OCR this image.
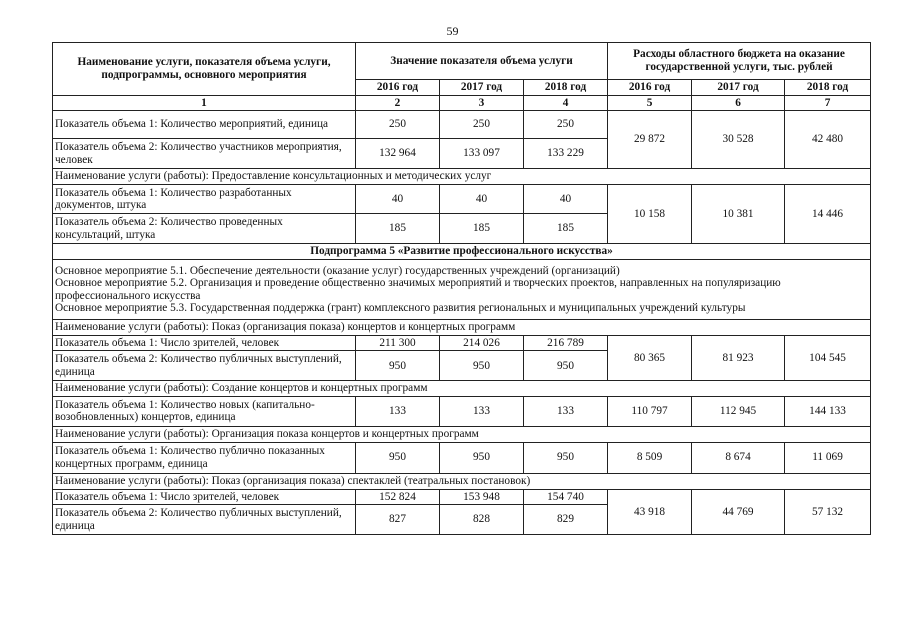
59
Наименование услуги, показателя объема услуги, подпрограммы, основного мероприятия	Значение показателя объема услуги			Расходы областного бюджета на оказание государственной услуги, тыс. рублей		
	2016 год	2017 год	2018 год	2016 год	2017 год	2018 год
1	2	3	4	5	6	7
Показатель объема 1: Количество мероприятий, единица	250	250	250	29 872	30 528	42 480
Показатель объема 2: Количество участников мероприятия, человек	132 964	133 097	133 229			
Наименование услуги (работы): Предоставление консультационных и методических услуг						
Показатель объема 1: Количество разработанных документов, штука	40	40	40	10 158	10 381	14 446
Показатель объема 2: Количество проведенных консультаций, штука	185	185	185			
Подпрограмма 5 «Развитие профессионального искусства»						
Основное мероприятие 5.1. Обеспечение деятельности (оказание услуг) государственных учреждений (организаций)
Основное мероприятие 5.2. Организация и проведение общественно значимых мероприятий и творческих проектов, направленных на популяризацию профессионального искусства
Основное мероприятие 5.3. Государственная поддержка (грант) комплексного развития региональных и муниципальных учреждений культуры						
Наименование услуги (работы): Показ (организация показа) концертов и концертных программ						
Показатель объема 1: Число зрителей, человек	211 300	214 026	216 789	80 365	81 923	104 545
Показатель объема 2: Количество публичных выступлений, единица	950	950	950			
Наименование услуги (работы): Создание концертов и концертных программ						
Показатель объема 1: Количество новых (капитально-возобновленных) концертов, единица	133	133	133	110 797	112 945	144 133
Наименование услуги (работы): Организация показа концертов и концертных программ						
Показатель объема 1: Количество публично показанных концертных программ, единица	950	950	950	8 509	8 674	11 069
Наименование услуги (работы): Показ (организация показа) спектаклей (театральных постановок)						
Показатель объема 1: Число зрителей, человек	152 824	153 948	154 740	43 918	44 769	57 132
Показатель объема 2: Количество публичных выступлений, единица	827	828	829			
